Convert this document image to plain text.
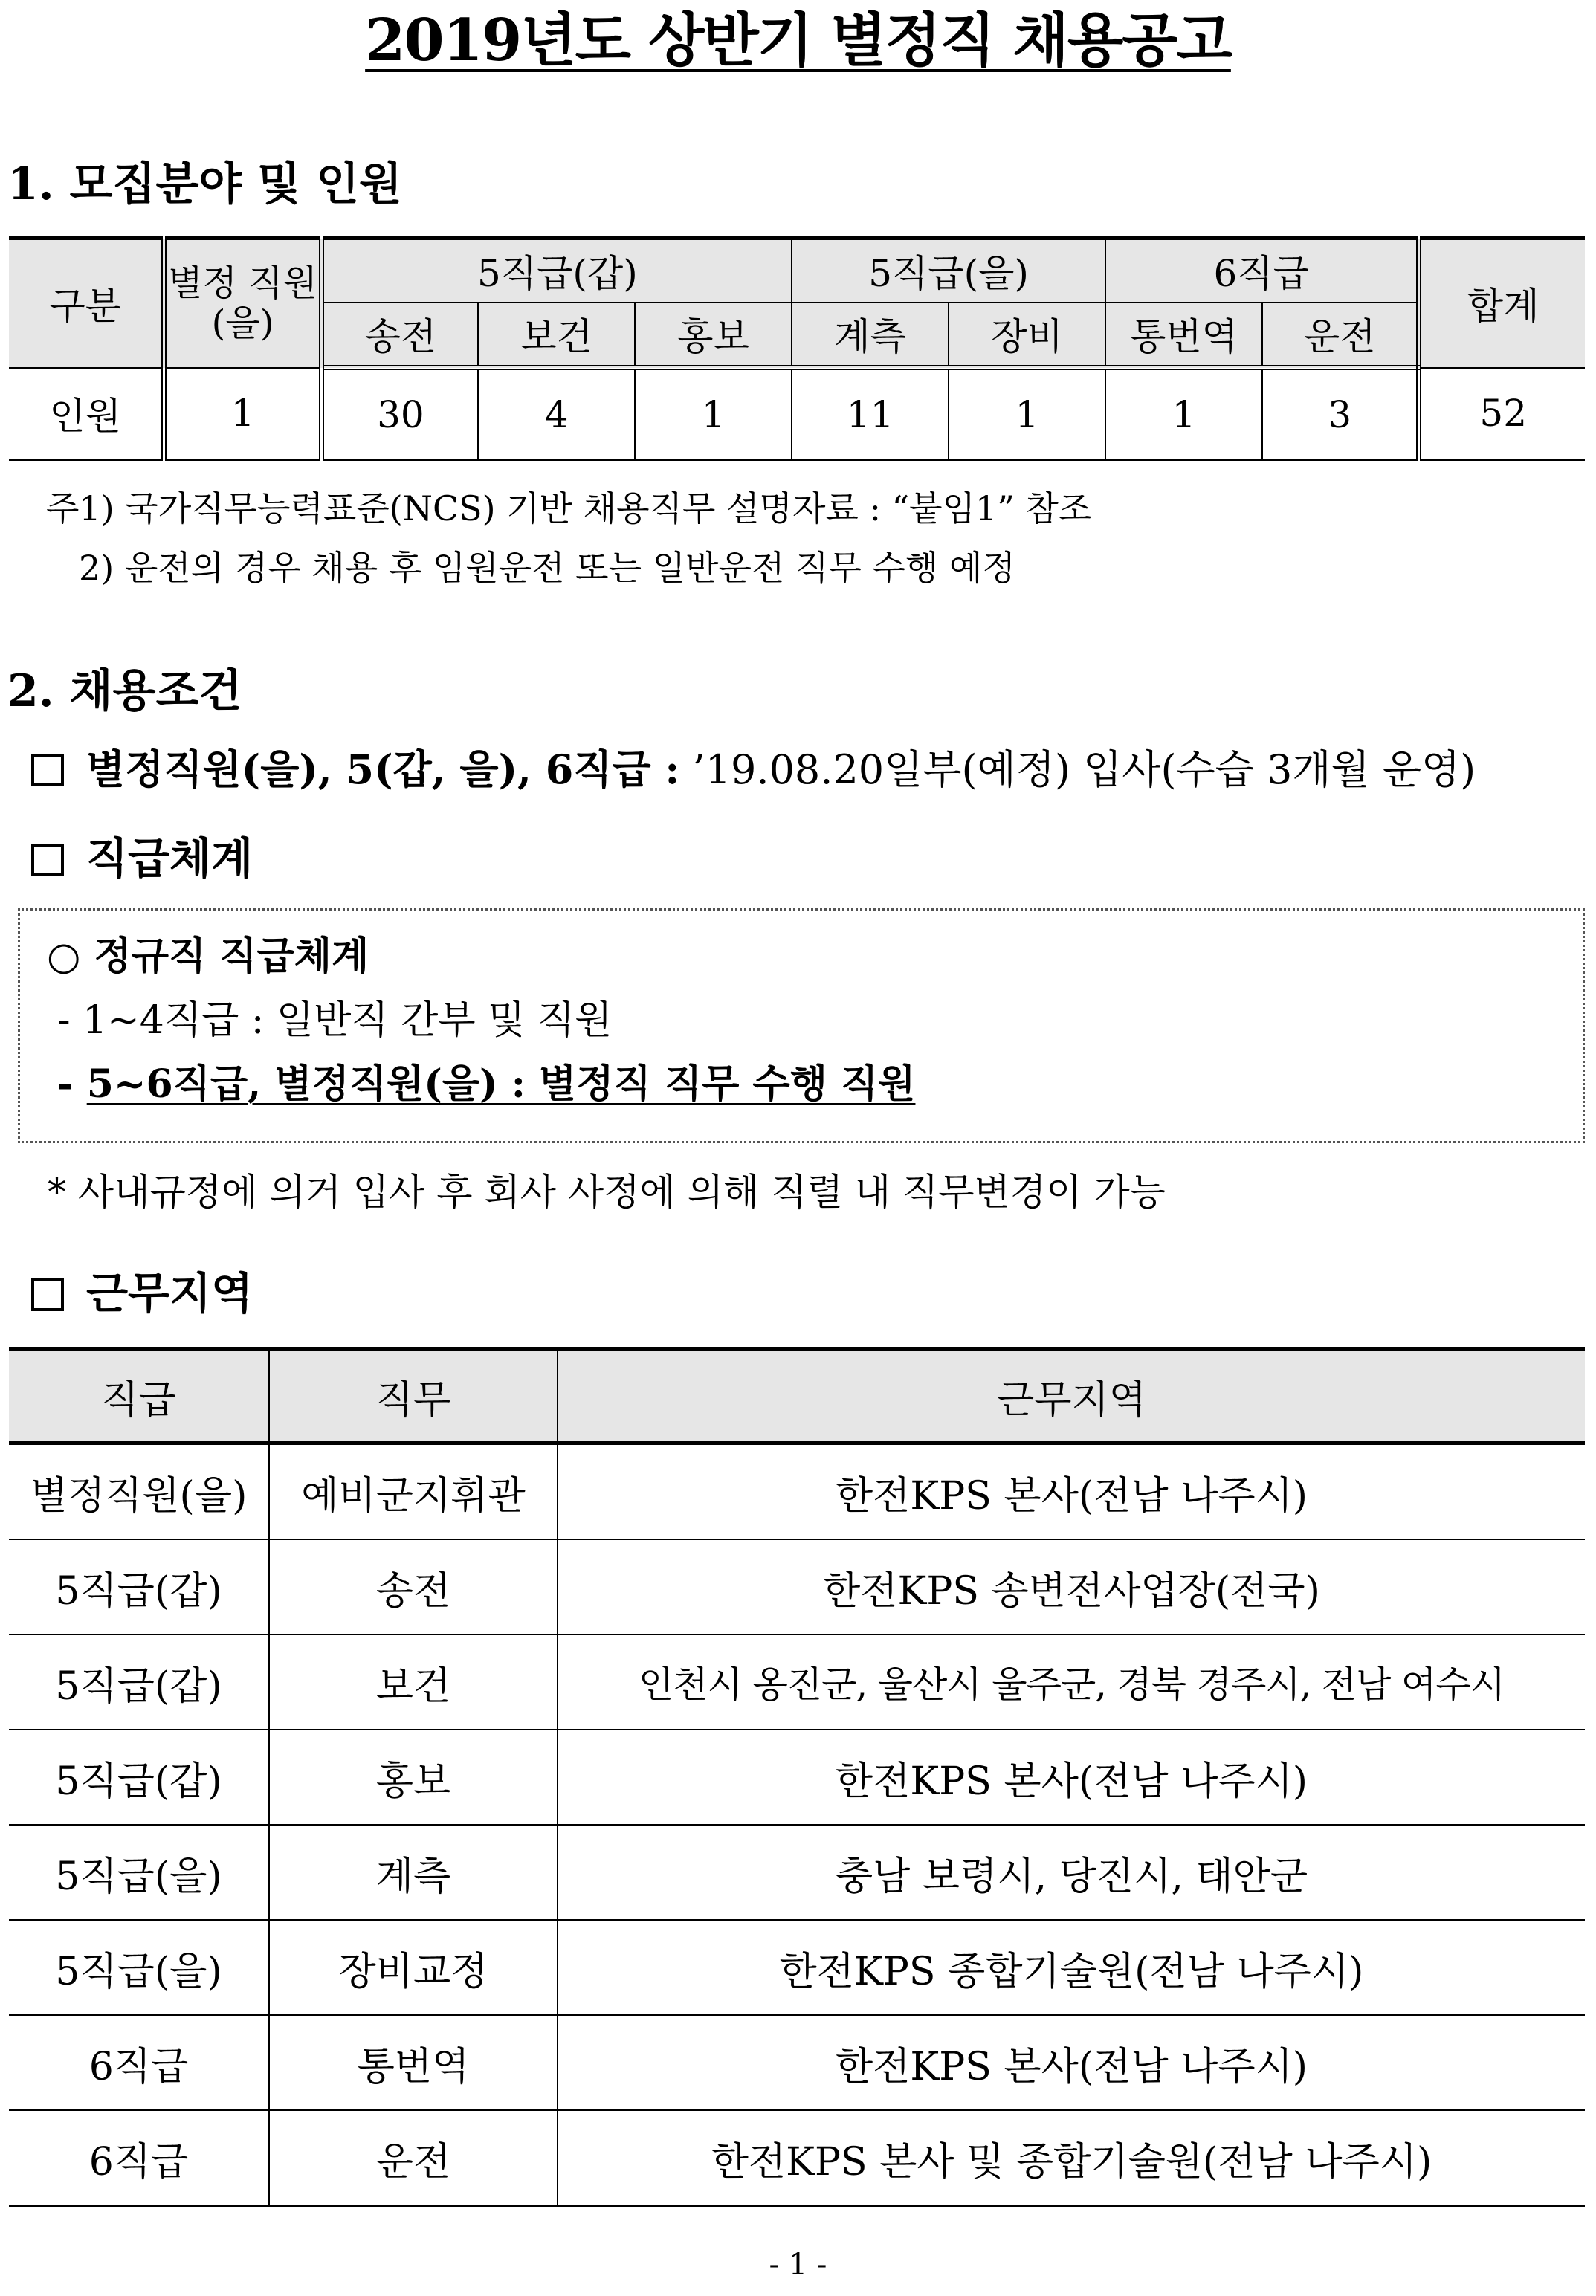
2019년도 상반기 별정직 채용공고
1. 모집분야 및 인원
구분	별정 직원 (을)	5직급(갑)			5직급(을)		6직급		합계
		송전	보건	홍보	계측	장비	통번역	운전	
인원	1	30	4	1	11	1	1	3	52
주1) 국가직무능력표준(NCS) 기반 채용직무 설명자료 : “붙임1” 참조
2) 운전의 경우 채용 후 임원운전 또는 일반운전 직무 수행 예정
2. 채용조건
별정직원(을), 5(갑, 을), 6직급 : ’19.08.20일부(예정) 입사(수습 3개월 운영)
직급체계
○ 정규직 직급체계
- 1~4직급 : 일반직 간부 및 직원
- 5~6직급, 별정직원(을) : 별정직 직무 수행 직원
* 사내규정에 의거 입사 후 회사 사정에 의해 직렬 내 직무변경이 가능
근무지역
직급	직무	근무지역
별정직원(을)	예비군지휘관	한전KPS 본사(전남 나주시)
5직급(갑)	송전	한전KPS 송변전사업장(전국)
5직급(갑)	보건	인천시 옹진군, 울산시 울주군, 경북 경주시, 전남 여수시
5직급(갑)	홍보	한전KPS 본사(전남 나주시)
5직급(을)	계측	충남 보령시, 당진시, 태안군
5직급(을)	장비교정	한전KPS 종합기술원(전남 나주시)
6직급	통번역	한전KPS 본사(전남 나주시)
6직급	운전	한전KPS 본사 및 종합기술원(전남 나주시)
- 1 -
